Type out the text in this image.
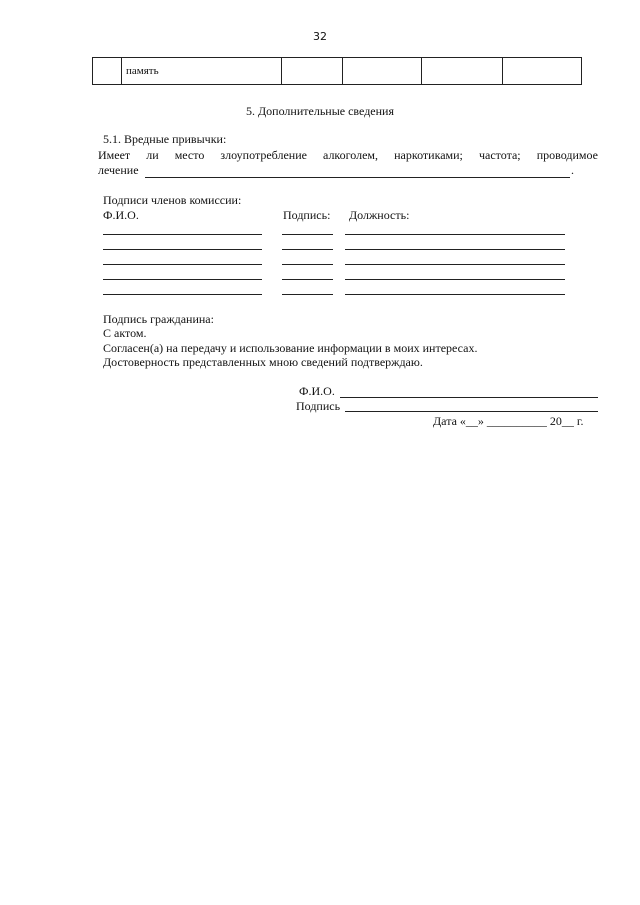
32
	память				
5. Дополнительные сведения
5.1. Вредные привычки:
Имеет ли место злоупотребление алкоголем, наркотиками; частота; проводимое
лечение	.
Подписи членов комиссии:
Ф.И.О.	Подпись: Должность:
Подпись гражданина:
С актом.
Согласен(а) на передачу и использование информации в моих интересах.
Достоверность представленных мною сведений подтверждаю.
Ф.И.О.
Подпись
Дата «__» __________ 20__ г.
